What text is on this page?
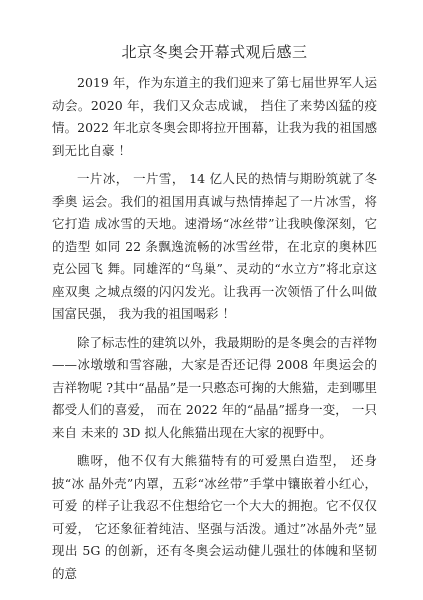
北京冬奥会开幕式观后感三

2019 年，作为东道主的我们迎来了第七届世界军人运动会。2020 年，我们又众志成诚， 挡住了来势凶猛的疫情。2022 年北京冬奥会即将拉开围幕，让我为我的祖国感到无比自豪 ！

一片冰， 一片雪， 14 亿人民的热情与期盼筑就了冬季奥 运会。我们的祖国用真诚与热情捧起了一片冰雪，将它打造 成冰雪的天地。速滑场“冰丝带”让我映像深刻，它的造型 如同 22 条飘逸流畅的冰雪丝带，在北京的奥林匹克公园飞 舞。同雄浑的“鸟巢”、灵动的“水立方”将北京这座双奥 之城点缀的闪闪发光。让我再一次领悟了什么叫做国富民强， 我为我的祖国喝彩 ！

除了标志性的建筑以外，我最期盼的是冬奥会的吉祥物——冰墩墩和雪容融，大家是否还记得 2008 年奥运会的吉祥物呢 ?其中“晶晶”是一只憨态可掬的大熊猫，走到哪里都受人们的喜爱， 而在 2022 年的“晶晶”摇身一变， 一只来自 未来的 3D 拟人化熊猫出现在大家的视野中。

瞧呀，他不仅有大熊猫特有的可爱黑白造型， 还身披“冰 晶外壳”内罩，五彩“冰丝带”手掌中镶嵌着小红心，可爱 的样子让我忍不住想给它一个大大的拥抱。它不仅仅可爱， 它还象征着纯洁、坚强与活泼。通过”冰晶外壳”显现出 5G 的创新，还有冬奥会运动健儿强壮的体魄和坚韧的意
